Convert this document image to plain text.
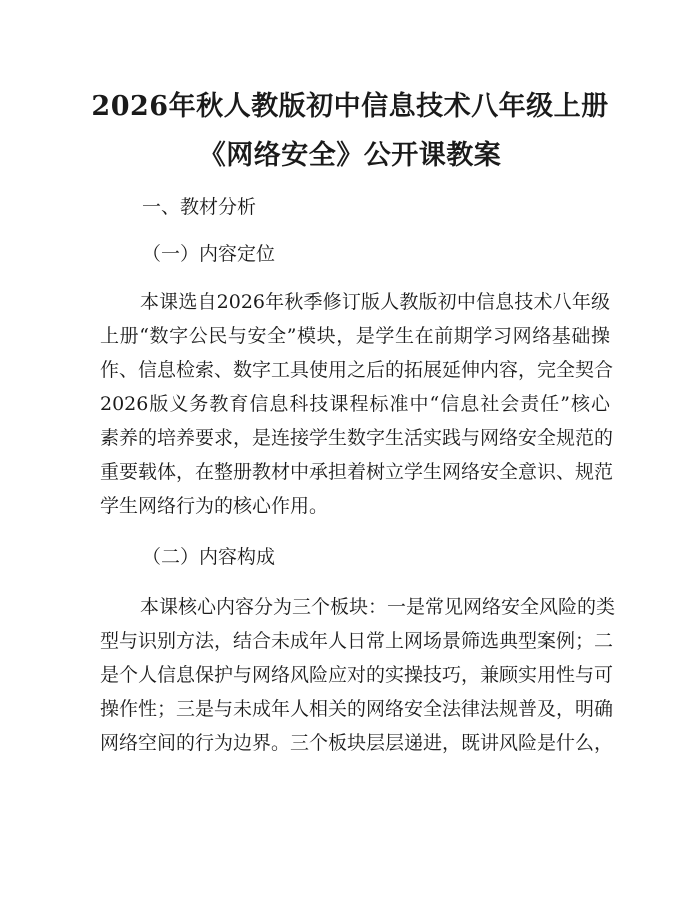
2026年秋人教版初中信息技术八年级上册
《网络安全》公开课教案
一、教材分析
（一）内容定位
本课选自2026年秋季修订版人教版初中信息技术八年级
上册“数字公民与安全”模块，是学生在前期学习网络基础操
作、信息检索、数字工具使用之后的拓展延伸内容，完全契合
2026版义务教育信息科技课程标准中“信息社会责任”核心
素养的培养要求，是连接学生数字生活实践与网络安全规范的
重要载体，在整册教材中承担着树立学生网络安全意识、规范
学生网络行为的核心作用。
（二）内容构成
本课核心内容分为三个板块：一是常见网络安全风险的类
型与识别方法，结合未成年人日常上网场景筛选典型案例；二
是个人信息保护与网络风险应对的实操技巧，兼顾实用性与可
操作性；三是与未成年人相关的网络安全法律法规普及，明确
网络空间的行为边界。三个板块层层递进，既讲风险是什么，
